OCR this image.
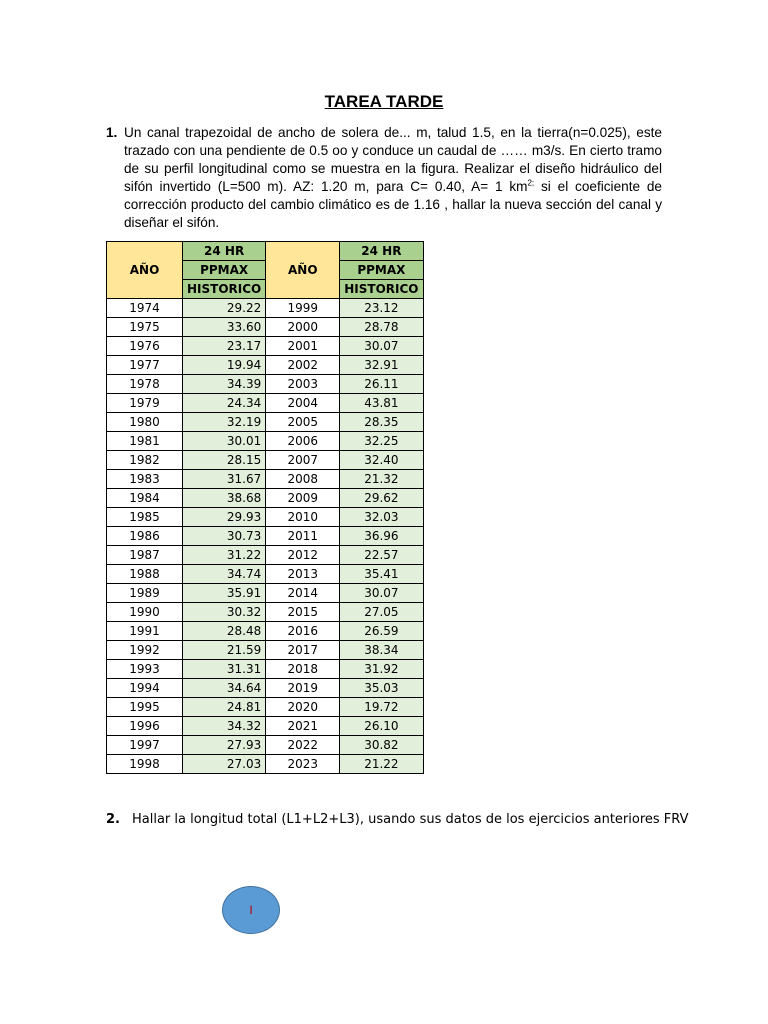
TAREA TARDE
1. Un canal trapezoidal de ancho de solera de... m, talud 1.5, en la tierra(n=0.025), este trazado con una pendiente de 0.5 oo y conduce un caudal de …… m3/s. En cierto tramo de su perfil longitudinal como se muestra en la figura. Realizar el diseño hidráulico del sifón invertido (L=500 m). AZ: 1.20 m, para C= 0.40, A= 1 $km^{2;}$ si el coeficiente de corrección producto del cambio climático es de 1.16 , hallar la nueva sección del canal y diseñar el sifón.
AÑO	24 HR	AÑO	24 HR
	PPMAX		PPMAX
	HISTORICO		HISTORICO
1974	29.22	1999	23.12
1975	33.60	2000	28.78
1976	23.17	2001	30.07
1977	19.94	2002	32.91
1978	34.39	2003	26.11
1979	24.34	2004	43.81
1980	32.19	2005	28.35
1981	30.01	2006	32.25
1982	28.15	2007	32.40
1983	31.67	2008	21.32
1984	38.68	2009	29.62
1985	29.93	2010	32.03
1986	30.73	2011	36.96
1987	31.22	2012	22.57
1988	34.74	2013	35.41
1989	35.91	2014	30.07
1990	30.32	2015	27.05
1991	28.48	2016	26.59
1992	21.59	2017	38.34
1993	31.31	2018	31.92
1994	34.64	2019	35.03
1995	24.81	2020	19.72
1996	34.32	2021	26.10
1997	27.93	2022	30.82
1998	27.03	2023	21.22
2. Hallar la longitud total (L1+L2+L3), usando sus datos de los ejercicios anteriores FRV
I
